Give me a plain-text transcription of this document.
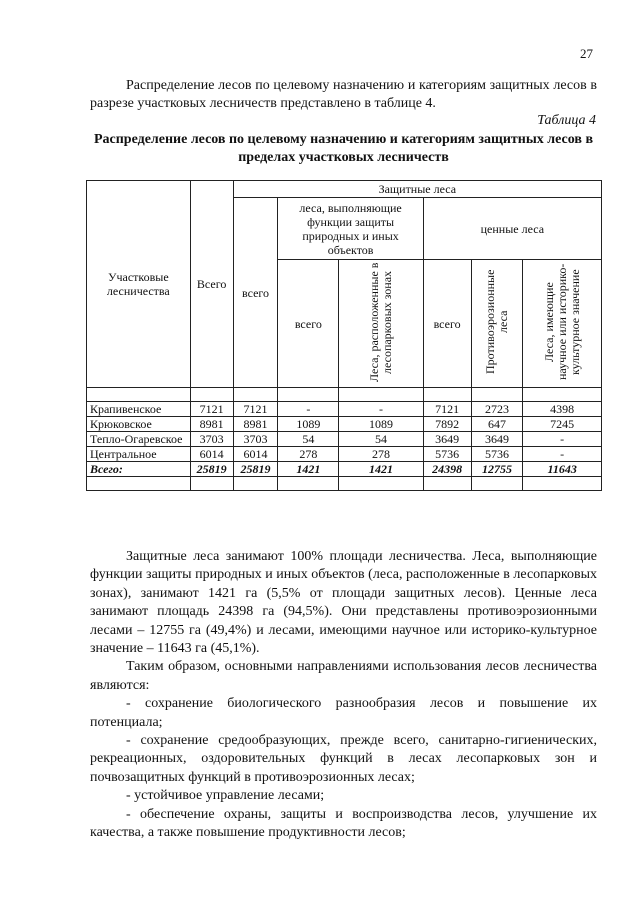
27

Распределение лесов по целевому назначению и категориям защитных лесов в разрезе участковых лесничеств представлено в таблице 4.

Таблица 4
Распределение лесов по целевому назначению и категориям защитных лесов в пределах участковых лесничеств
Участковые лесничества	Всего	Защитные леса					
		всего	леса, выполняющие функции защиты природных и иных объектов		ценные леса		
			всего	Леса, расположенные в лесопарковых зонах	всего	Противоэрозионные леса	Леса, имеющие научное или историко-культурное значение

Крапивенское	7121	7121	-	-	7121	2723	4398
Крюковское	8981	8981	1089	1089	7892	647	7245
Тепло-Огаревское	3703	3703	54	54	3649	3649	-
Центральное	6014	6014	278	278	5736	5736	-
Всего:	25819	25819	1421	1421	24398	12755	11643

Защитные леса занимают 100% площади лесничества. Леса, выполняющие функции защиты природных и иных объектов (леса, расположенные в лесопарковых зонах), занимают 1421 га (5,5% от площади защитных лесов). Ценные леса занимают площадь 24398 га (94,5%). Они представлены противоэрозионными лесами – 12755 га (49,4%) и лесами, имеющими научное или историко-культурное значение – 11643 га (45,1%).

Таким образом, основными направлениями использования лесов лесничества являются:

- сохранение биологического разнообразия лесов и повышение их потенциала;

- сохранение средообразующих, прежде всего, санитарно-гигиенических, рекреационных, оздоровительных функций в лесах лесопарковых зон и почвозащитных функций в противоэрозионных лесах;

- устойчивое управление лесами;

- обеспечение охраны, защиты и воспроизводства лесов, улучшение их качества, а также повышение продуктивности лесов;
